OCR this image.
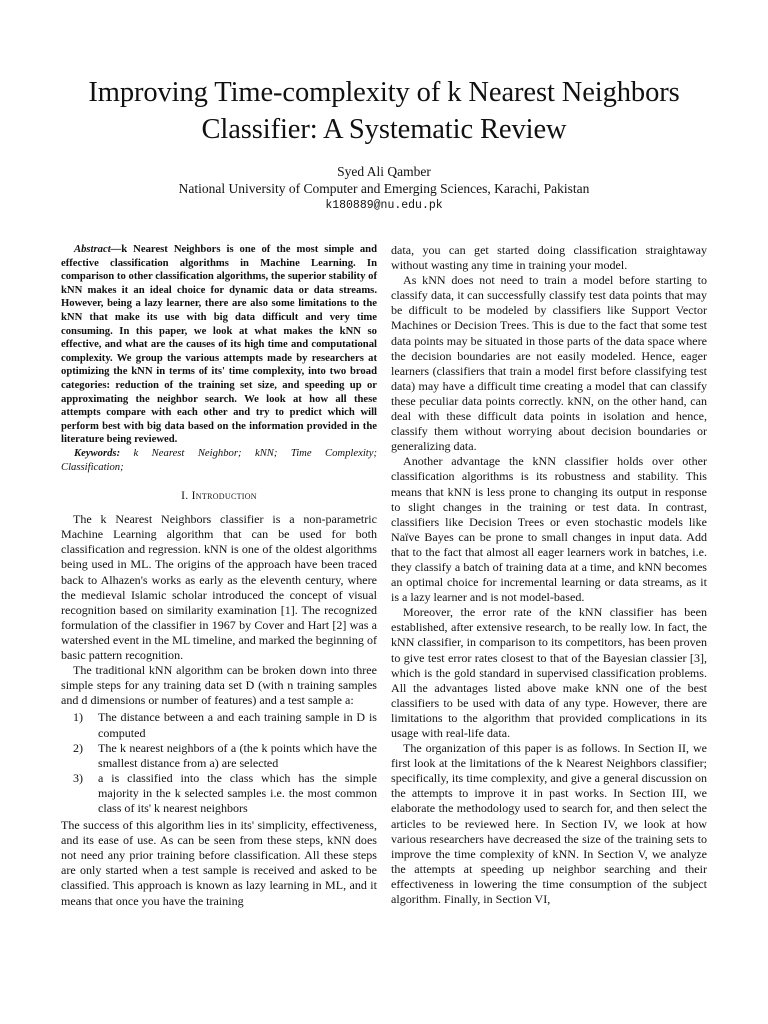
Improving Time-complexity of k Nearest Neighbors
Classifier: A Systematic Review
Syed Ali Qamber
National University of Computer and Emerging Sciences, Karachi, Pakistan
k180889@nu.edu.pk
Abstract—k Nearest Neighbors is one of the most simple and effective classification algorithms in Machine Learning. In comparison to other classification algorithms, the superior stability of kNN makes it an ideal choice for dynamic data or data streams. However, being a lazy learner, there are also some limitations to the kNN that make its use with big data difficult and very time consuming. In this paper, we look at what makes the kNN so effective, and what are the causes of its high time and computational complexity. We group the various attempts made by researchers at optimizing the kNN in terms of its' time complexity, into two broad categories: reduction of the training set size, and speeding up or approximating the neighbor search. We look at how all these attempts compare with each other and try to predict which will perform best with big data based on the information provided in the literature being reviewed.
Keywords: k Nearest Neighbor; kNN; Time Complexity; Classification;
I. Introduction

The k Nearest Neighbors classifier is a non-parametric Machine Learning algorithm that can be used for both classification and regression. kNN is one of the oldest algorithms being used in ML. The origins of the approach have been traced back to Alhazen's works as early as the eleventh century, where the medieval Islamic scholar introduced the concept of visual recognition based on similarity examination [1]. The recognized formulation of the classifier in 1967 by Cover and Hart [2] was a watershed event in the ML timeline, and marked the beginning of basic pattern recognition.

The traditional kNN algorithm can be broken down into three simple steps for any training data set D (with n training samples and d dimensions or number of features) and a test sample a:

1) The distance between a and each training sample in D is computed
2) The k nearest neighbors of a (the k points which have the smallest distance from a) are selected
3) a is classified into the class which has the simple majority in the k selected samples i.e. the most common class of its' k nearest neighbors

The success of this algorithm lies in its' simplicity, effectiveness, and its ease of use. As can be seen from these steps, kNN does not need any prior training before classification. All these steps are only started when a test sample is received and asked to be classified. This approach is known as lazy learning in ML, and it means that once you have the training

data, you can get started doing classification straightaway without wasting any time in training your model.

As kNN does not need to train a model before starting to classify data, it can successfully classify test data points that may be difficult to be modeled by classifiers like Support Vector Machines or Decision Trees. This is due to the fact that some test data points may be situated in those parts of the data space where the decision boundaries are not easily modeled. Hence, eager learners (classifiers that train a model first before classifying test data) may have a difficult time creating a model that can classify these peculiar data points correctly. kNN, on the other hand, can deal with these difficult data points in isolation and hence, classify them without worrying about decision boundaries or generalizing data.

Another advantage the kNN classifier holds over other classification algorithms is its robustness and stability. This means that kNN is less prone to changing its output in response to slight changes in the training or test data. In contrast, classifiers like Decision Trees or even stochastic models like Naïve Bayes can be prone to small changes in input data. Add that to the fact that almost all eager learners work in batches, i.e. they classify a batch of training data at a time, and kNN becomes an optimal choice for incremental learning or data streams, as it is a lazy learner and is not model-based.

Moreover, the error rate of the kNN classifier has been established, after extensive research, to be really low. In fact, the kNN classifier, in comparison to its competitors, has been proven to give test error rates closest to that of the Bayesian classier [3], which is the gold standard in supervised classification problems. All the advantages listed above make kNN one of the best classifiers to be used with data of any type. However, there are limitations to the algorithm that provided complications in its usage with real-life data.

The organization of this paper is as follows. In Section II, we first look at the limitations of the k Nearest Neighbors classifier; specifically, its time complexity, and give a general discussion on the attempts to improve it in past works. In Section III, we elaborate the methodology used to search for, and then select the articles to be reviewed here. In Section IV, we look at how various researchers have decreased the size of the training sets to improve the time complexity of kNN. In Section V, we analyze the attempts at speeding up neighbor searching and their effectiveness in lowering the time consumption of the subject algorithm. Finally, in Section VI,
